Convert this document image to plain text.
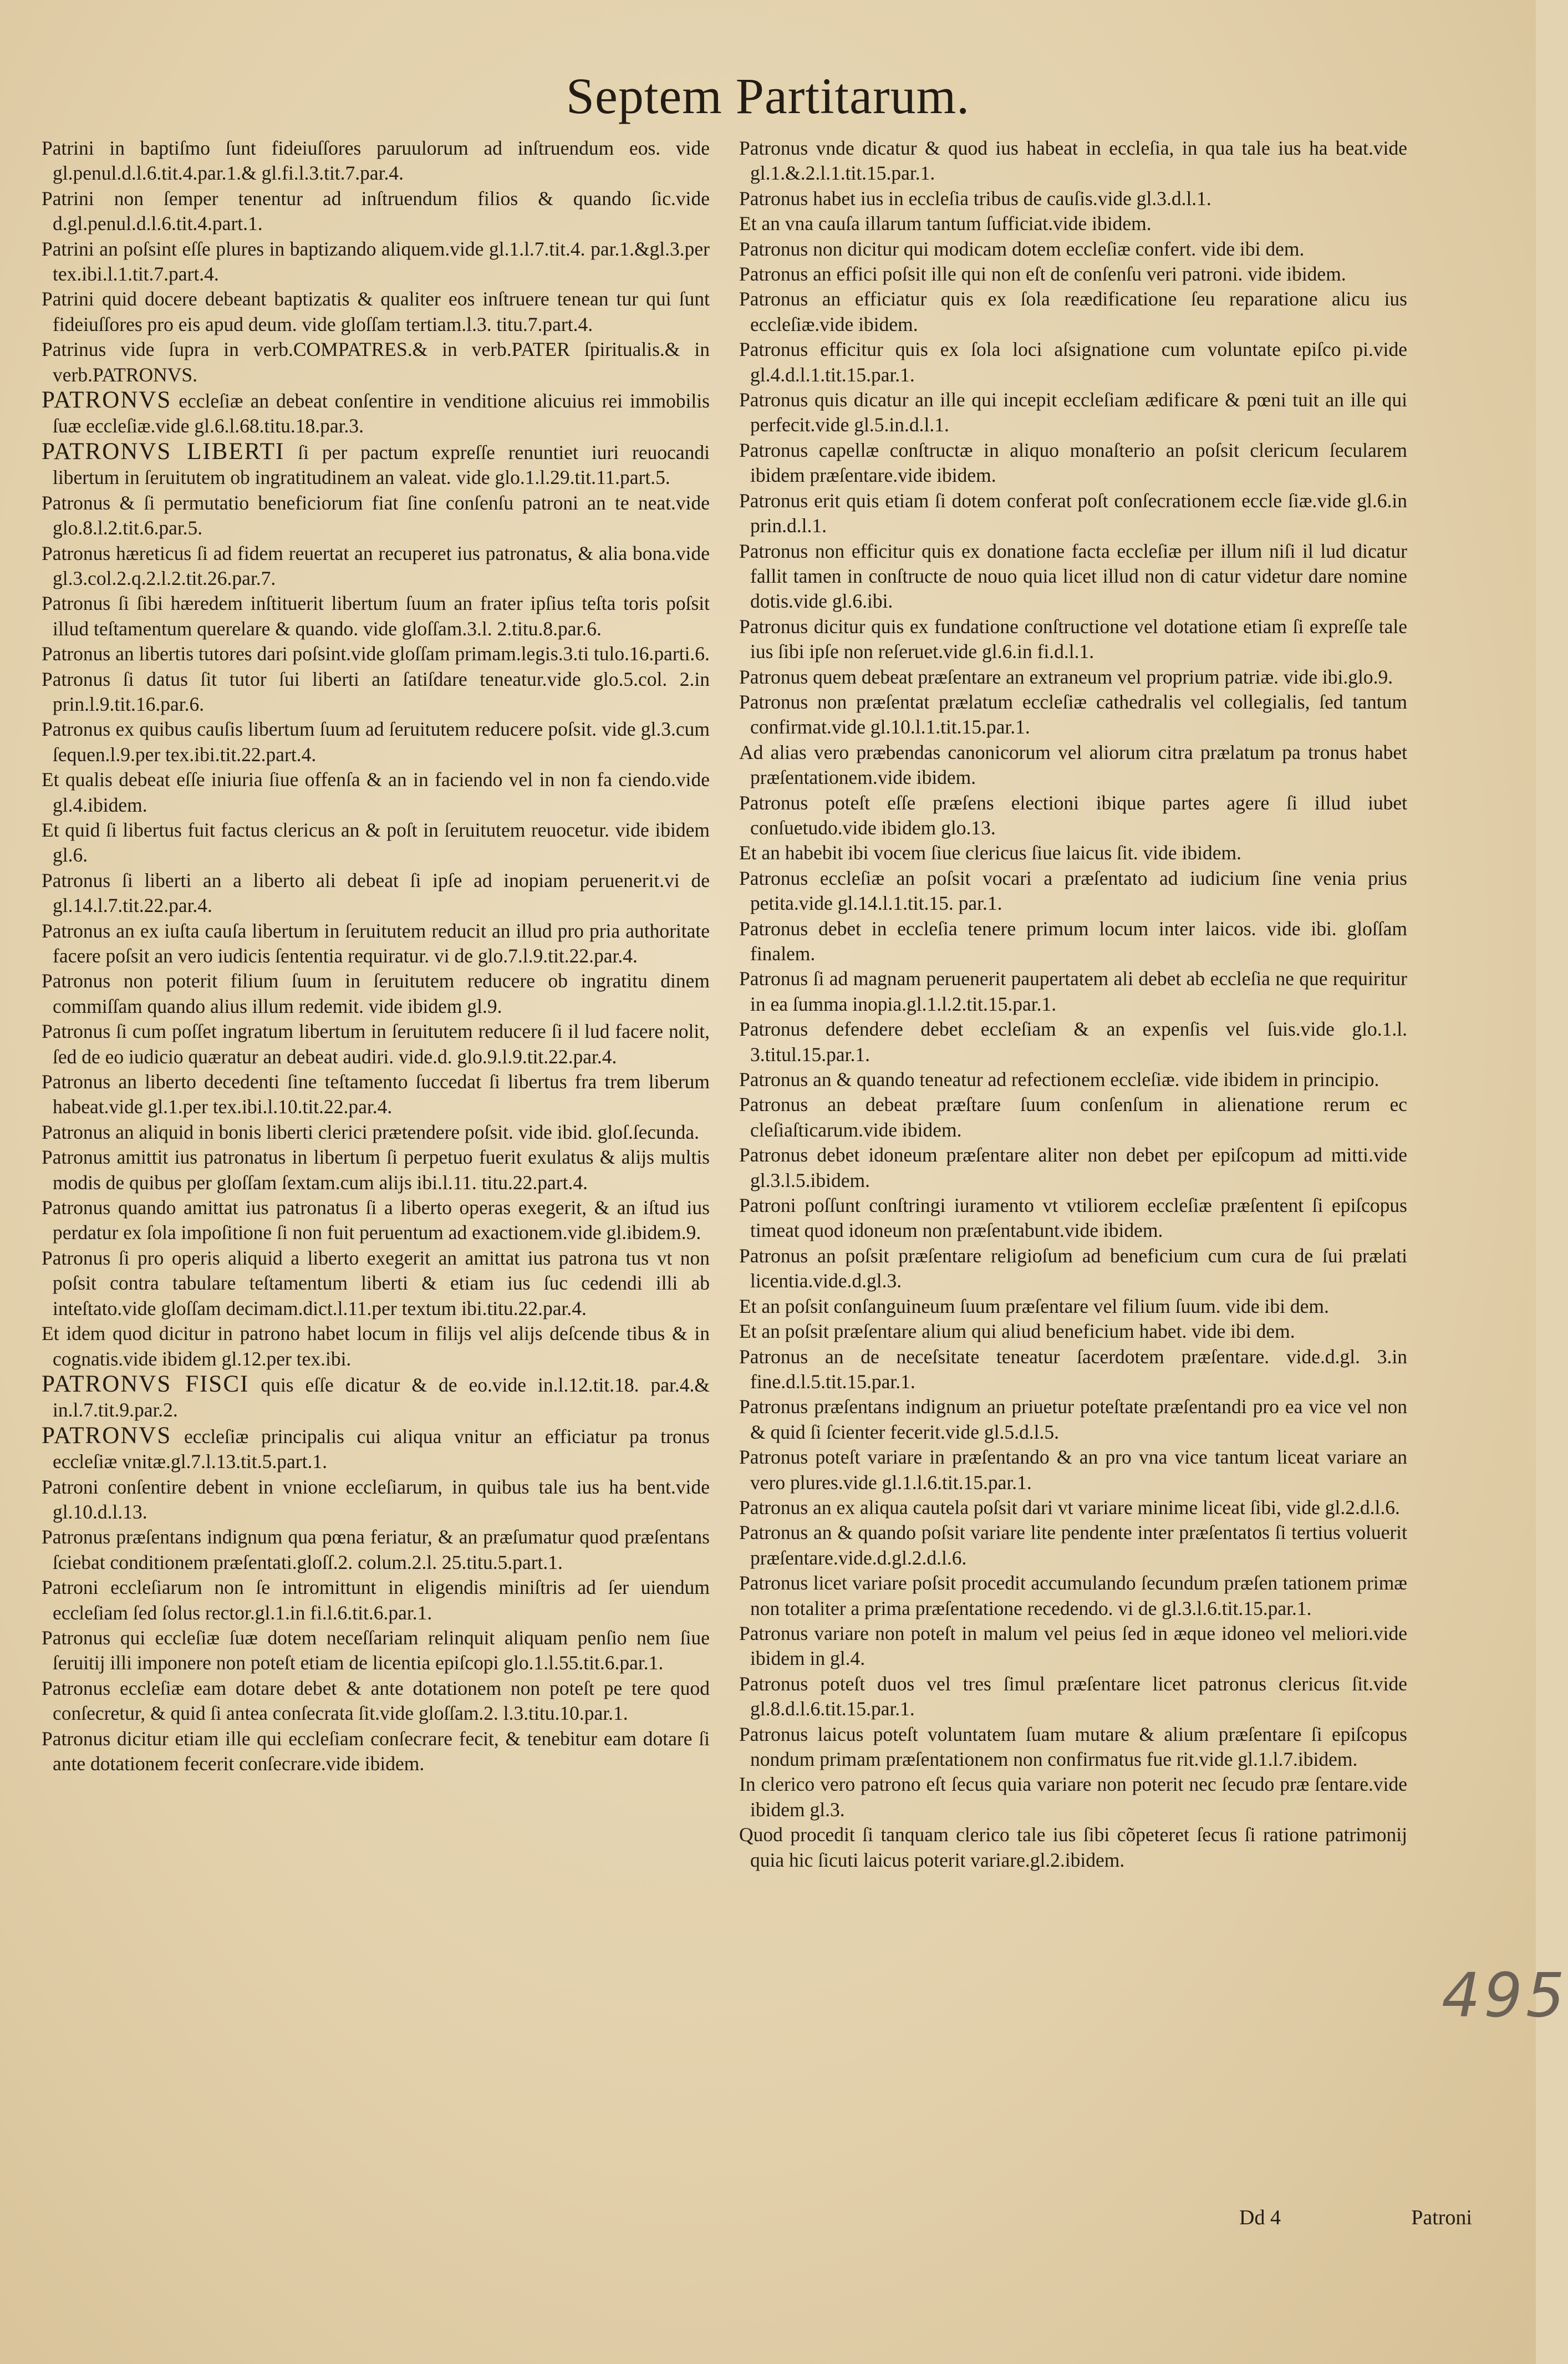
Septem Partitarum.

Patrini in baptiſmo ſunt fideiuſſores paruulorum ad inſtruendum eos. vide gl.penul.d.l.6.tit.4.par.1.& gl.fi.l.3.tit.7.par.4.

Patrini non ſemper tenentur ad inſtruendum filios & quando ſic.vide d.gl.penul.d.l.6.tit.4.part.1.

Patrini an poſsint eſſe plures in baptizando aliquem.vide gl.1.l.7.tit.4. par.1.&gl.3.per tex.ibi.l.1.tit.7.part.4.

Patrini quid docere debeant baptizatis & qualiter eos inſtruere tenean tur qui ſunt fideiuſſores pro eis apud deum. vide gloſſam tertiam.l.3. titu.7.part.4.

Patrinus vide ſupra in verb.COMPATRES.& in verb.PATER ſpiritualis.& in verb.PATRONVS.

PATRONVS eccleſiæ an debeat conſentire in venditione alicuius rei immobilis ſuæ eccleſiæ.vide gl.6.l.68.titu.18.par.3.

PATRONVS LIBERTI ſi per pactum expreſſe renuntiet iuri reuocandi libertum in ſeruitutem ob ingratitudinem an valeat. vide glo.1.l.29.tit.11.part.5.

Patronus & ſi permutatio beneficiorum fiat ſine conſenſu patroni an te neat.vide glo.8.l.2.tit.6.par.5.

Patronus hæreticus ſi ad fidem reuertat an recuperet ius patronatus, & alia bona.vide gl.3.col.2.q.2.l.2.tit.26.par.7.

Patronus ſi ſibi hæredem inſtituerit libertum ſuum an frater ipſius teſta toris poſsit illud teſtamentum querelare & quando. vide gloſſam.3.l. 2.titu.8.par.6.

Patronus an libertis tutores dari poſsint.vide gloſſam primam.legis.3.ti tulo.16.parti.6.

Patronus ſi datus ſit tutor ſui liberti an ſatiſdare teneatur.vide glo.5.col. 2.in prin.l.9.tit.16.par.6.

Patronus ex quibus cauſis libertum ſuum ad ſeruitutem reducere poſsit. vide gl.3.cum ſequen.l.9.per tex.ibi.tit.22.part.4.

Et qualis debeat eſſe iniuria ſiue offenſa & an in faciendo vel in non fa ciendo.vide gl.4.ibidem.

Et quid ſi libertus fuit factus clericus an & poſt in ſeruitutem reuocetur. vide ibidem gl.6.

Patronus ſi liberti an a liberto ali debeat ſi ipſe ad inopiam peruenerit.vi de gl.14.l.7.tit.22.par.4.

Patronus an ex iuſta cauſa libertum in ſeruitutem reducit an illud pro pria authoritate facere poſsit an vero iudicis ſententia requiratur. vi de glo.7.l.9.tit.22.par.4.

Patronus non poterit filium ſuum in ſeruitutem reducere ob ingratitu dinem commiſſam quando alius illum redemit. vide ibidem gl.9.

Patronus ſi cum poſſet ingratum libertum in ſeruitutem reducere ſi il lud facere nolit, ſed de eo iudicio quæratur an debeat audiri. vide.d. glo.9.l.9.tit.22.par.4.

Patronus an liberto decedenti ſine teſtamento ſuccedat ſi libertus fra trem liberum habeat.vide gl.1.per tex.ibi.l.10.tit.22.par.4.

Patronus an aliquid in bonis liberti clerici prætendere poſsit. vide ibid. gloſ.ſecunda.

Patronus amittit ius patronatus in libertum ſi perpetuo fuerit exulatus & alijs multis modis de quibus per gloſſam ſextam.cum alijs ibi.l.11. titu.22.part.4.

Patronus quando amittat ius patronatus ſi a liberto operas exegerit, & an iſtud ius perdatur ex ſola impoſitione ſi non fuit peruentum ad exactionem.vide gl.ibidem.9.

Patronus ſi pro operis aliquid a liberto exegerit an amittat ius patrona tus vt non poſsit contra tabulare teſtamentum liberti & etiam ius ſuc cedendi illi ab inteſtato.vide gloſſam decimam.dict.l.11.per textum ibi.titu.22.par.4.

Et idem quod dicitur in patrono habet locum in filijs vel alijs deſcende tibus & in cognatis.vide ibidem gl.12.per tex.ibi.

PATRONVS FISCI quis eſſe dicatur & de eo.vide in.l.12.tit.18. par.4.& in.l.7.tit.9.par.2.

PATRONVS eccleſiæ principalis cui aliqua vnitur an efficiatur pa tronus eccleſiæ vnitæ.gl.7.l.13.tit.5.part.1.

Patroni conſentire debent in vnione eccleſiarum, in quibus tale ius ha bent.vide gl.10.d.l.13.

Patronus præſentans indignum qua pœna feriatur, & an præſumatur quod præſentans ſciebat conditionem præſentati.gloſſ.2. colum.2.l. 25.titu.5.part.1.

Patroni eccleſiarum non ſe intromittunt in eligendis miniſtris ad ſer uiendum eccleſiam ſed ſolus rector.gl.1.in fi.l.6.tit.6.par.1.

Patronus qui eccleſiæ ſuæ dotem neceſſariam relinquit aliquam penſio nem ſiue ſeruitij illi imponere non poteſt etiam de licentia epiſcopi glo.1.l.55.tit.6.par.1.

Patronus eccleſiæ eam dotare debet & ante dotationem non poteſt pe tere quod conſecretur, & quid ſi antea conſecrata ſit.vide gloſſam.2. l.3.titu.10.par.1.

Patronus dicitur etiam ille qui eccleſiam conſecrare fecit, & tenebitur eam dotare ſi ante dotationem fecerit conſecrare.vide ibidem.

Patronus vnde dicatur & quod ius habeat in eccleſia, in qua tale ius ha beat.vide gl.1.&.2.l.1.tit.15.par.1.

Patronus habet ius in eccleſia tribus de cauſis.vide gl.3.d.l.1.

Et an vna cauſa illarum tantum ſufficiat.vide ibidem.

Patronus non dicitur qui modicam dotem eccleſiæ confert. vide ibi dem.

Patronus an effici poſsit ille qui non eſt de conſenſu veri patroni. vide ibidem.

Patronus an efficiatur quis ex ſola reædificatione ſeu reparatione alicu ius eccleſiæ.vide ibidem.

Patronus efficitur quis ex ſola loci aſsignatione cum voluntate epiſco pi.vide gl.4.d.l.1.tit.15.par.1.

Patronus quis dicatur an ille qui incepit eccleſiam ædificare & pœni tuit an ille qui perfecit.vide gl.5.in.d.l.1.

Patronus capellæ conſtructæ in aliquo monaſterio an poſsit clericum ſecularem ibidem præſentare.vide ibidem.

Patronus erit quis etiam ſi dotem conferat poſt conſecrationem eccle ſiæ.vide gl.6.in prin.d.l.1.

Patronus non efficitur quis ex donatione facta eccleſiæ per illum niſi il lud dicatur fallit tamen in conſtructe de nouo quia licet illud non di catur videtur dare nomine dotis.vide gl.6.ibi.

Patronus dicitur quis ex fundatione conſtructione vel dotatione etiam ſi expreſſe tale ius ſibi ipſe non reſeruet.vide gl.6.in fi.d.l.1.

Patronus quem debeat præſentare an extraneum vel proprium patriæ. vide ibi.glo.9.

Patronus non præſentat prælatum eccleſiæ cathedralis vel collegialis, ſed tantum confirmat.vide gl.10.l.1.tit.15.par.1.

Ad alias vero præbendas canonicorum vel aliorum citra prælatum pa tronus habet præſentationem.vide ibidem.

Patronus poteſt eſſe præſens electioni ibique partes agere ſi illud iubet conſuetudo.vide ibidem glo.13.

Et an habebit ibi vocem ſiue clericus ſiue laicus ſit. vide ibidem.

Patronus eccleſiæ an poſsit vocari a præſentato ad iudicium ſine venia prius petita.vide gl.14.l.1.tit.15. par.1.

Patronus debet in eccleſia tenere primum locum inter laicos. vide ibi. gloſſam finalem.

Patronus ſi ad magnam peruenerit paupertatem ali debet ab eccleſia ne que requiritur in ea ſumma inopia.gl.1.l.2.tit.15.par.1.

Patronus defendere debet eccleſiam & an expenſis vel ſuis.vide glo.1.l. 3.titul.15.par.1.

Patronus an & quando teneatur ad refectionem eccleſiæ. vide ibidem in principio.

Patronus an debeat præſtare ſuum conſenſum in alienatione rerum ec cleſiaſticarum.vide ibidem.

Patronus debet idoneum præſentare aliter non debet per epiſcopum ad mitti.vide gl.3.l.5.ibidem.

Patroni poſſunt conſtringi iuramento vt vtiliorem eccleſiæ præſentent ſi epiſcopus timeat quod idoneum non præſentabunt.vide ibidem.

Patronus an poſsit præſentare religioſum ad beneficium cum cura de ſui prælati licentia.vide.d.gl.3.

Et an poſsit conſanguineum ſuum præſentare vel filium ſuum. vide ibi dem.

Et an poſsit præſentare alium qui aliud beneficium habet. vide ibi dem.

Patronus an de neceſsitate teneatur ſacerdotem præſentare. vide.d.gl. 3.in fine.d.l.5.tit.15.par.1.

Patronus præſentans indignum an priuetur poteſtate præſentandi pro ea vice vel non & quid ſi ſcienter fecerit.vide gl.5.d.l.5.

Patronus poteſt variare in præſentando & an pro vna vice tantum liceat variare an vero plures.vide gl.1.l.6.tit.15.par.1.

Patronus an ex aliqua cautela poſsit dari vt variare minime liceat ſibi, vide gl.2.d.l.6.

Patronus an & quando poſsit variare lite pendente inter præſentatos ſi tertius voluerit præſentare.vide.d.gl.2.d.l.6.

Patronus licet variare poſsit procedit accumulando ſecundum præſen tationem primæ non totaliter a prima præſentatione recedendo. vi de gl.3.l.6.tit.15.par.1.

Patronus variare non poteſt in malum vel peius ſed in æque idoneo vel meliori.vide ibidem in gl.4.

Patronus poteſt duos vel tres ſimul præſentare licet patronus clericus ſit.vide gl.8.d.l.6.tit.15.par.1.

Patronus laicus poteſt voluntatem ſuam mutare & alium præſentare ſi epiſcopus nondum primam præſentationem non confirmatus fue rit.vide gl.1.l.7.ibidem.

In clerico vero patrono eſt ſecus quia variare non poterit nec ſecudo præ ſentare.vide ibidem gl.3.

Quod procedit ſi tanquam clerico tale ius ſibi cõpeteret ſecus ſi ratione patrimonij quia hic ſicuti laicus poterit variare.gl.2.ibidem.

Dd 4	Patroni
495
